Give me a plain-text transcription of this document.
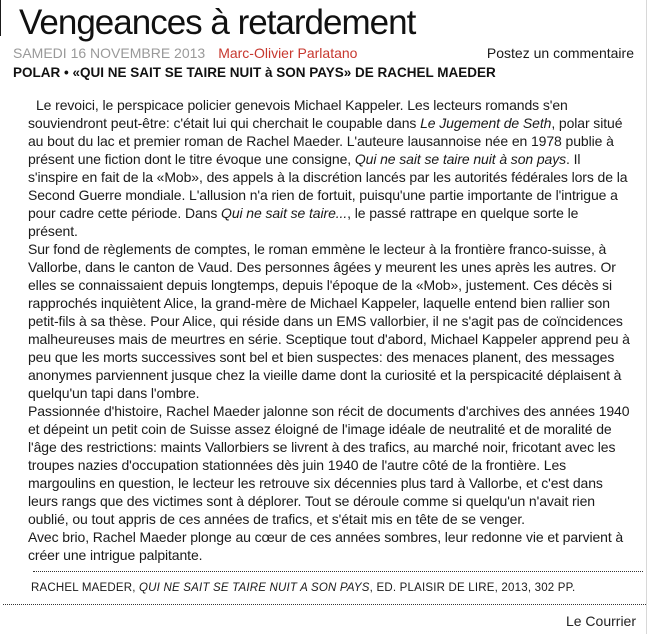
Vengeances à retardement
SAMEDI 16 NOVEMBRE 2013 Marc-Olivier Parlatano	Postez un commentaire
POLAR • «QUI NE SAIT SE TAIRE NUIT à SON PAYS» DE RACHEL MAEDER

Le revoici, le perspicace policier genevois Michael Kappeler. Les lecteurs romands s'en souviendront peut-être: c'était lui qui cherchait le coupable dans Le Jugement de Seth, polar situé au bout du lac et premier roman de Rachel Maeder. L'auteure lausannoise née en 1978 publie à présent une fiction dont le titre évoque une consigne, Qui ne sait se taire nuit à son pays. Il s'inspire en fait de la «Mob», des appels à la discrétion lancés par les autorités fédérales lors de la Second Guerre mondiale. L'allusion n'a rien de fortuit, puisqu'une partie importante de l'intrigue a pour cadre cette période. Dans Qui ne sait se taire..., le passé rattrape en quelque sorte le présent.

Sur fond de règlements de comptes, le roman emmène le lecteur à la frontière franco-suisse, à Vallorbe, dans le canton de Vaud. Des personnes âgées y meurent les unes après les autres. Or elles se connaissaient depuis longtemps, depuis l'époque de la «Mob», justement. Ces décès si rapprochés inquiètent Alice, la grand-mère de Michael Kappeler, laquelle entend bien rallier son petit-fils à sa thèse. Pour Alice, qui réside dans un EMS vallorbier, il ne s'agit pas de coïncidences malheureuses mais de meurtres en série. Sceptique tout d'abord, Michael Kappeler apprend peu à peu que les morts successives sont bel et bien suspectes: des menaces planent, des messages anonymes parviennent jusque chez la vieille dame dont la curiosité et la perspicacité déplaisent à quelqu'un tapi dans l'ombre.

Passionnée d'histoire, Rachel Maeder jalonne son récit de documents d'archives des années 1940 et dépeint un petit coin de Suisse assez éloigné de l'image idéale de neutralité et de moralité de l'âge des restrictions: maints Vallorbiers se livrent à des trafics, au marché noir, fricotant avec les troupes nazies d'occupation stationnées dès juin 1940 de l'autre côté de la frontière. Les margoulins en question, le lecteur les retrouve six décennies plus tard à Vallorbe, et c'est dans leurs rangs que des victimes sont à déplorer. Tout se déroule comme si quelqu'un n'avait rien oublié, ou tout appris de ces années de trafics, et s'était mis en tête de se venger.

Avec brio, Rachel Maeder plonge au cœur de ces années sombres, leur redonne vie et parvient à créer une intrigue palpitante.

RACHEL MAEDER, QUI NE SAIT SE TAIRE NUIT A SON PAYS, ED. PLAISIR DE LIRE, 2013, 302 PP.

Le Courrier
